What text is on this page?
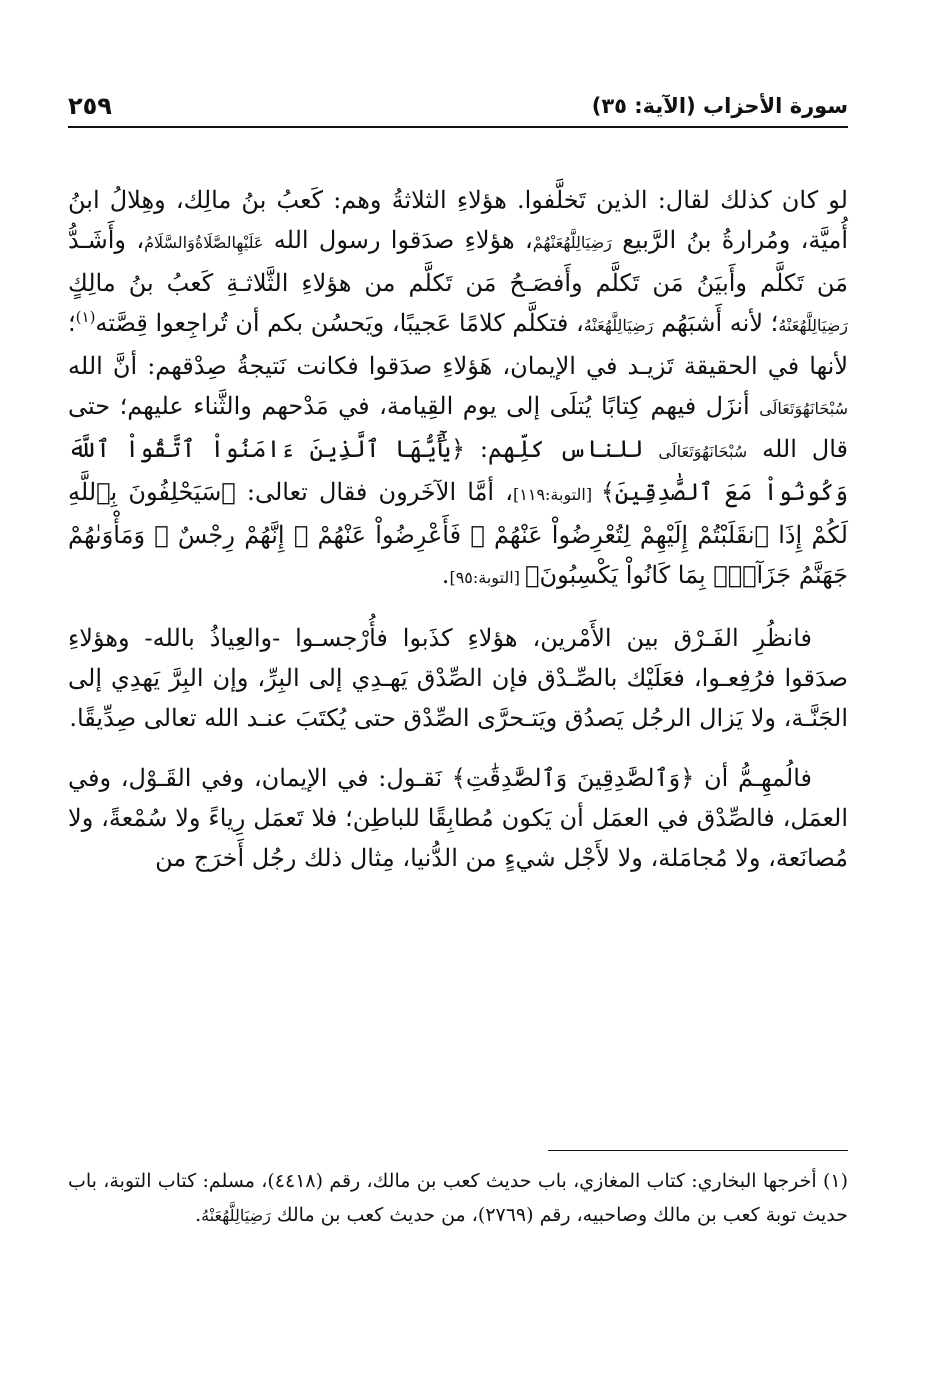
سورة الأحزاب (الآية: ٣٥)
٢٥٩

لو كان كذلك لقال: الذين تَخلَّفوا. هؤلاءِ الثلاثةُ وهم: كَعبُ بنُ مالِك، وهِلالُ ابنُ أُميَّة، ومُرارةُ بنُ الرَّبيع رَضِيَالِلَّهُعَنْهُمْ، هؤلاءِ صدَقوا رسول الله عَلَيْهِالصَّلَاةُوَالسَّلَامُ، وأَشَـدُّ مَن تَكلَّم وأَبيَنُ مَن تَكلَّم وأَفصَـحُ مَن تَكلَّم من هؤلاءِ الثَّلاثـةِ كَعبُ بنُ مالِكٍ رَضِيَالِلَّهُعَنْهُ؛ لأنه أَشبَهُم رَضِيَالِلَّهُعَنْهُ، فتكلَّم كلامًا عَجيبًا، ويَحسُن بكم أن تُراجِعوا قِصَّته$^{(١)}$؛ لأنها في الحقيقة تَزيـد في الإيمان، هَؤلاءِ صدَقوا فكانت نَتيجةُ صِدْقهم: أنَّ الله سُبْحَانَهُوَتَعَالَى أنزَل فيهم كِتابًا يُتلَى إلى يوم القِيامة، في مَدْحهم والثَّناء عليهم؛ حتى قال الله سُبْحَانَهُوَتَعَالَى للناس كلِّهم: ﴿يَٰٓأَيُّهَا ٱلَّذِينَ ءَامَنُواْ ٱتَّقُواْ ٱللَّهَ وَكُونُواْ مَعَ ٱلصَّٰدِقِينَ﴾ [التوبة:١١٩]، أمَّا الآخَرون فقال تعالى: ﴿سَيَحْلِفُونَ بِٱللَّهِ لَكُمْ إِذَا ٱنقَلَبْتُمْ إِلَيْهِمْ لِتُعْرِضُواْ عَنْهُمْ ۖ فَأَعْرِضُواْ عَنْهُمْ ۖ إِنَّهُمْ رِجْسٌ ۖ وَمَأْوَىٰهُمْ جَهَنَّمُ جَزَآءًۢ بِمَا كَانُواْ يَكْسِبُونَ﴾ [التوبة:٩٥].

فانظُرِ الفَـرْق بين الأَمْرين، هؤلاءِ كذَبوا فأُرْجسـوا -والعِياذُ بالله- وهؤلاءِ صدَقوا فرُفِعـوا، فعَلَيْك بالصِّـدْق فإن الصِّدْق يَهـدِي إلى البِرِّ، وإن البِرَّ يَهدِي إلى الجَنَّـة، ولا يَزال الرجُل يَصدُق ويَتـحرَّى الصِّدْق حتى يُكتَبَ عنـد الله تعالى صِدِّيقًا.

فالُمهِـمُّ أن ﴿وَٱلصَّٰدِقِينَ وَٱلصَّٰدِقَٰتِ﴾ نَقـول: في الإيمان، وفي القَـوْل، وفي العمَل، فالصِّدْق في العمَل أن يَكون مُطابِقًا للباطِن؛ فلا تَعمَل رِياءً ولا سُمْعةً، ولا مُصانَعة، ولا مُجامَلة، ولا لأَجْل شيءٍ من الدُّنيا، مِثال ذلك رجُل أَخرَج من

(١) أخرجها البخاري: كتاب المغازي، باب حديث كعب بن مالك، رقم (٤٤١٨)، مسلم: كتاب التوبة، باب حديث توبة كعب بن مالك وصاحبيه، رقم (٢٧٦٩)، من حديث كعب بن مالك رَضِيَالِلَّهُعَنْهُ.
